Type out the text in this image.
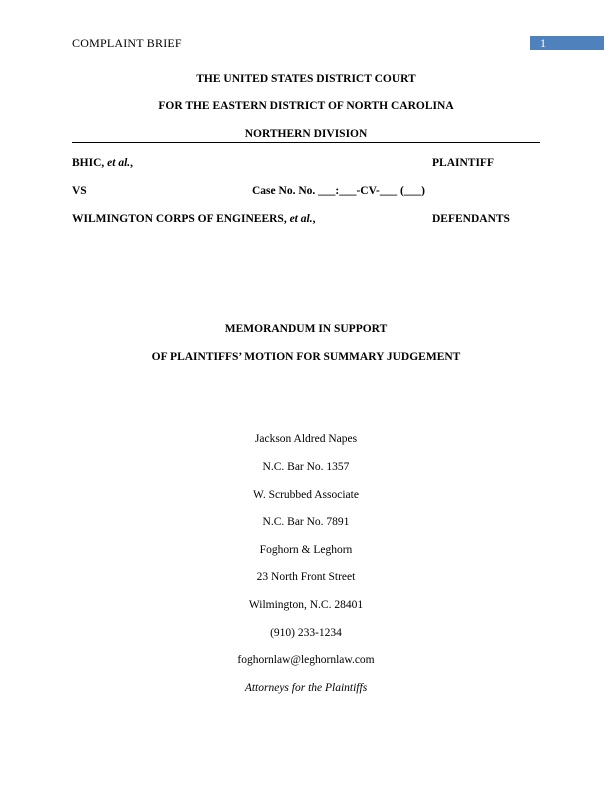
COMPLAINT BRIEF	1
THE UNITED STATES DISTRICT COURT
FOR THE EASTERN DISTRICT OF NORTH CAROLINA
NORTHERN DIVISION
BHIC, et al.,	PLAINTIFF
VS	Case No. No. ___:___-CV-___ (___)
WILMINGTON CORPS OF ENGINEERS, et al.,	DEFENDANTS
MEMORANDUM IN SUPPORT
OF PLAINTIFFS’ MOTION FOR SUMMARY JUDGEMENT
Jackson Aldred Napes
N.C. Bar No. 1357
W. Scrubbed Associate
N.C. Bar No. 7891
Foghorn & Leghorn
23 North Front Street
Wilmington, N.C. 28401
(910) 233-1234
foghornlaw@leghornlaw.com
Attorneys for the Plaintiffs
